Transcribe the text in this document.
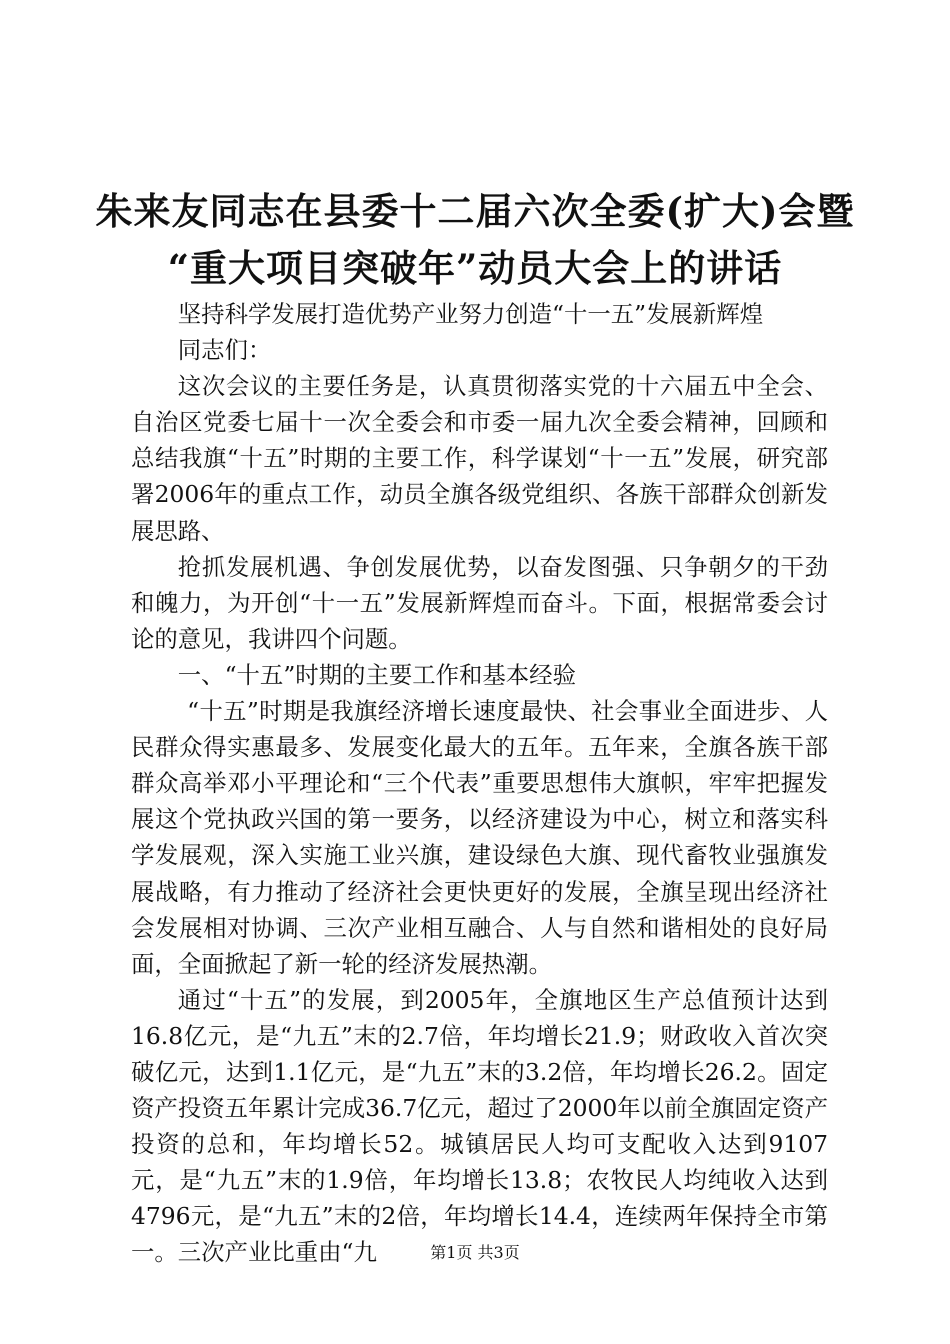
朱来友同志在县委十二届六次全委(扩大)会暨
“重大项目突破年”动员大会上的讲话

坚持科学发展打造优势产业努力创造“十一五”发展新辉煌

同志们：

这次会议的主要任务是，认真贯彻落实党的十六届五中全会、自治区党委七届十一次全委会和市委一届九次全委会精神，回顾和总结我旗“十五”时期的主要工作，科学谋划“十一五”发展，研究部署2006年的重点工作，动员全旗各级党组织、各族干部群众创新发展思路、

抢抓发展机遇、争创发展优势，以奋发图强、只争朝夕的干劲和魄力，为开创“十一五”发展新辉煌而奋斗。下面，根据常委会讨论的意见，我讲四个问题。

一、“十五”时期的主要工作和基本经验

“十五”时期是我旗经济增长速度最快、社会事业全面进步、人民群众得实惠最多、发展变化最大的五年。五年来，全旗各族干部群众高举邓小平理论和“三个代表”重要思想伟大旗帜，牢牢把握发展这个党执政兴国的第一要务，以经济建设为中心，树立和落实科学发展观，深入实施工业兴旗，建设绿色大旗、现代畜牧业强旗发展战略，有力推动了经济社会更快更好的发展，全旗呈现出经济社会发展相对协调、三次产业相互融合、人与自然和谐相处的良好局面，全面掀起了新一轮的经济发展热潮。

通过“十五”的发展，到2005年，全旗地区生产总值预计达到16.8亿元，是“九五”末的2.7倍，年均增长21.9；财政收入首次突破亿元，达到1.1亿元，是“九五”末的3.2倍，年均增长26.2。固定资产投资五年累计完成36.7亿元，超过了2000年以前全旗固定资产投资的总和，年均增长52。城镇居民人均可支配收入达到9107元，是“九五”末的1.9倍，年均增长13.8；农牧民人均纯收入达到4796元，是“九五”末的2倍，年均增长14.4，连续两年保持全市第一。三次产业比重由“九	第1页 共3页
